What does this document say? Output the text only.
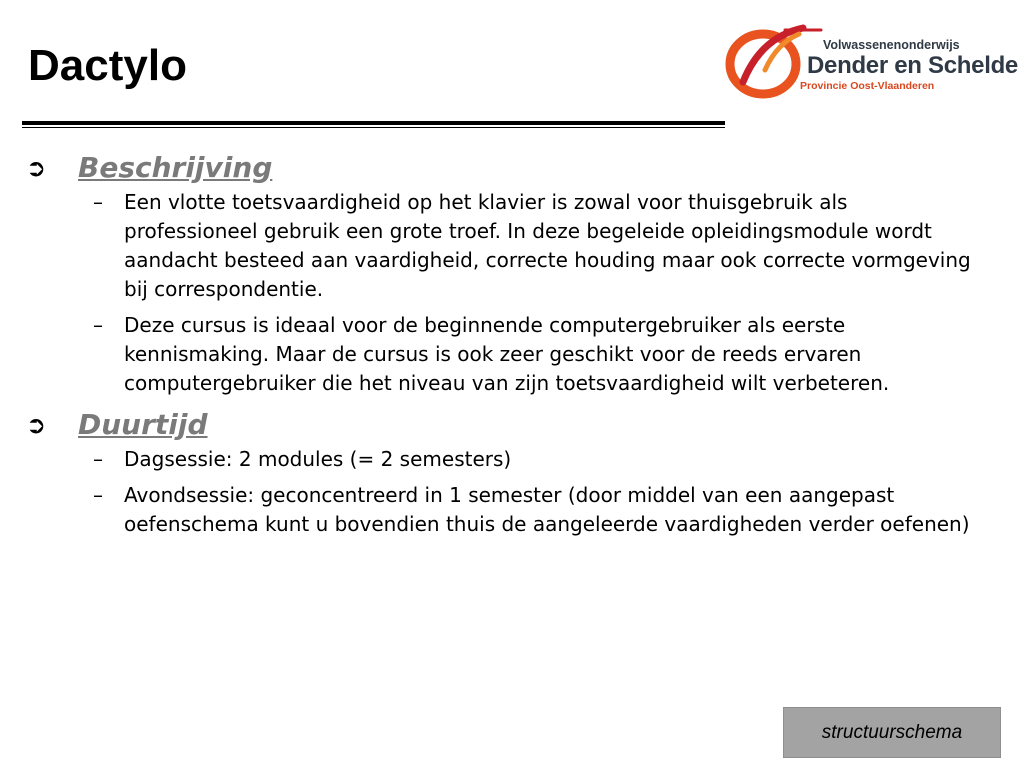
Dactylo	Volwassenenonderwijs
Dender en Schelde
Provincie Oost-Vlaanderen
➲ Beschrijving
– Een vlotte toetsvaardigheid op het klavier is zowal voor thuisgebruik als professioneel gebruik een grote troef. In deze begeleide opleidingsmodule wordt aandacht besteed aan vaardigheid, correcte houding maar ook correcte vormgeving bij correspondentie.
– Deze cursus is ideaal voor de beginnende computergebruiker als eerste kennismaking. Maar de cursus is ook zeer geschikt voor de reeds ervaren computergebruiker die het niveau van zijn toetsvaardigheid wilt verbeteren.
➲ Duurtijd
– Dagsessie: 2 modules (= 2 semesters)
– Avondsessie: geconcentreerd in 1 semester (door middel van een aangepast oefenschema kunt u bovendien thuis de aangeleerde vaardigheden verder oefenen)
structuurschema
